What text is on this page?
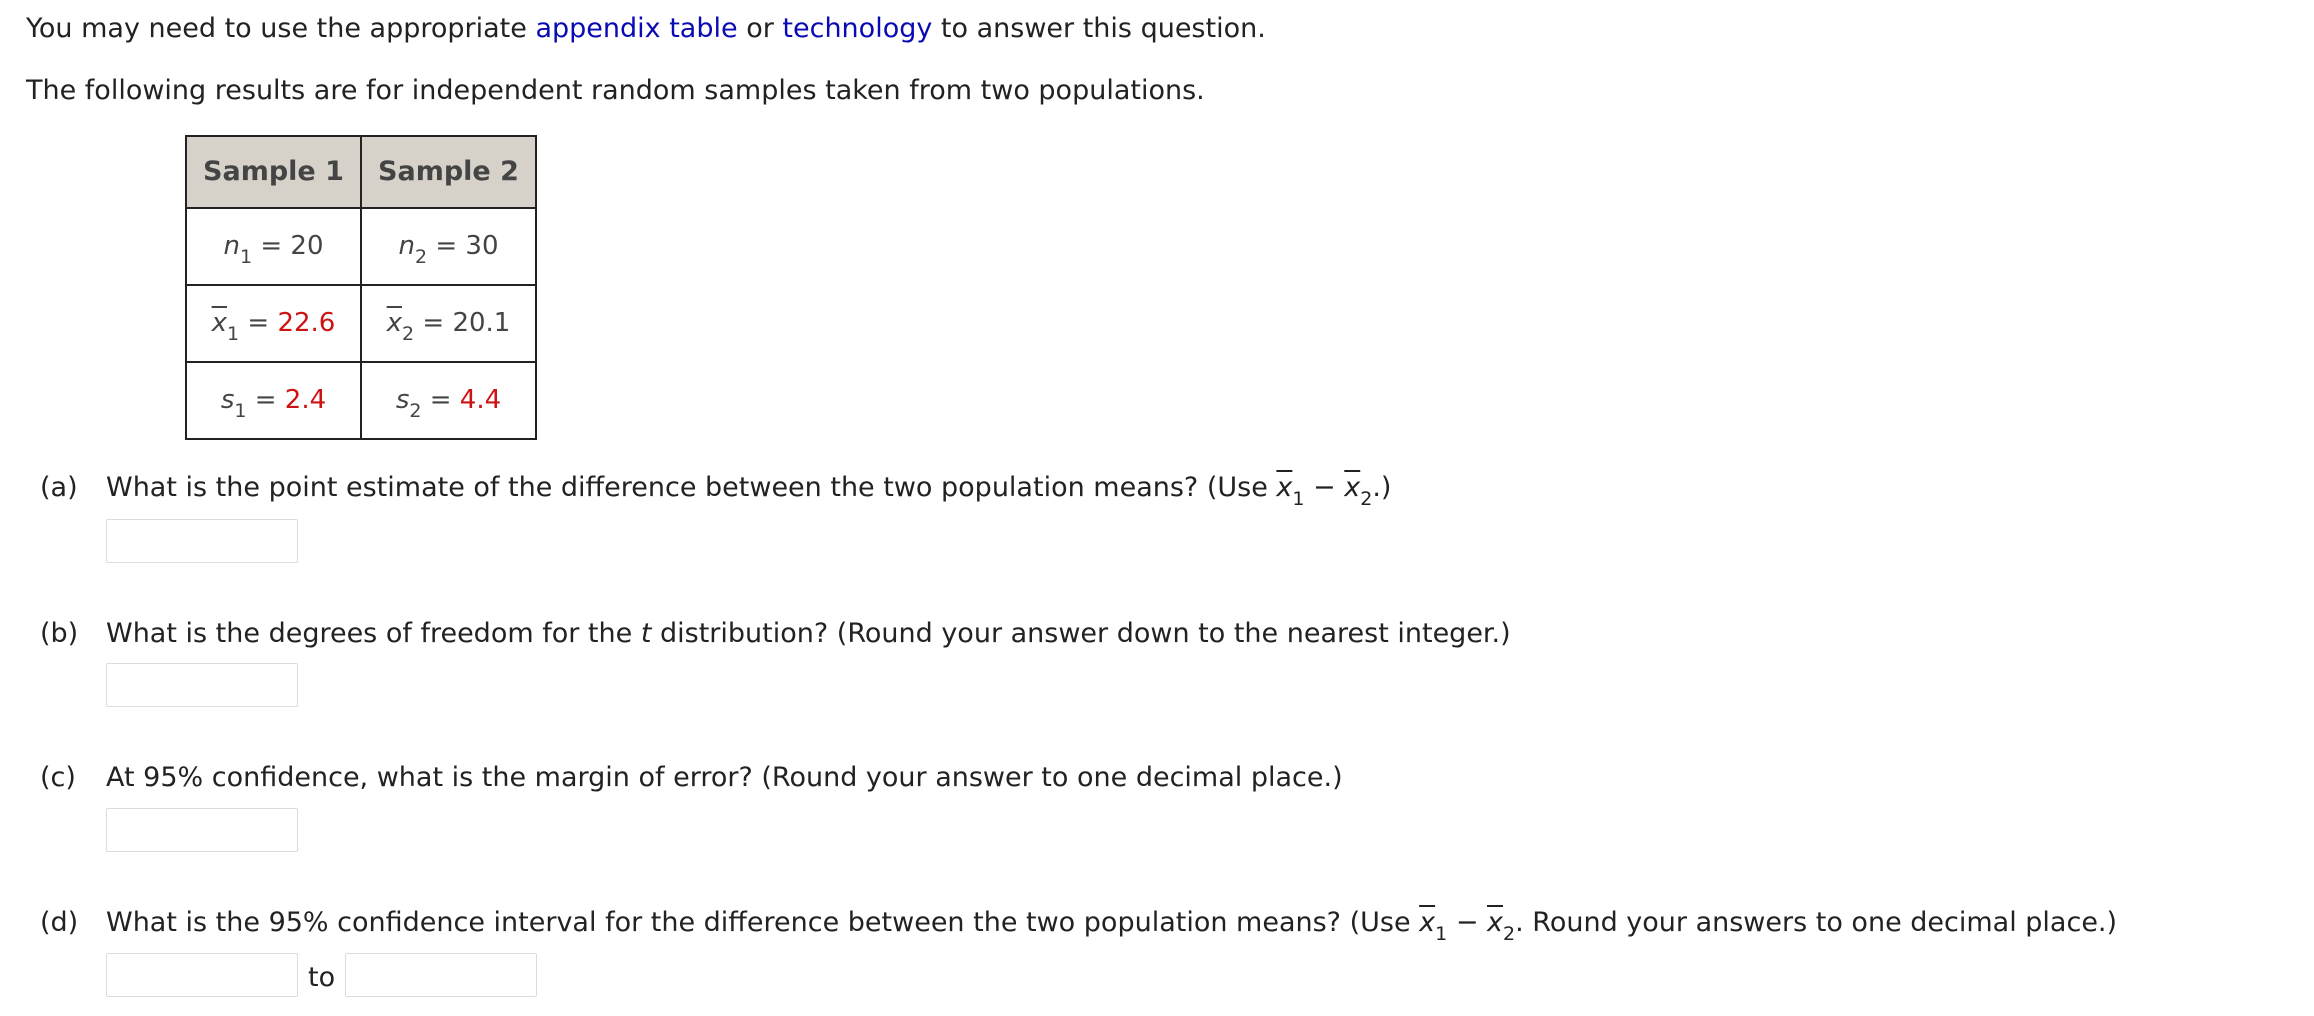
You may need to use the appropriate appendix table or technology to answer this question.
The following results are for independent random samples taken from two populations.
Sample 1	Sample 2
$n_1 = 20$	$n_2 = 30$
$\overline{x}_1 = 22.6$	$\overline{x}_2 = 20.1$
$s_1 = 2.4$	$s_2 = 4.4$
(a) What is the point estimate of the difference between the two population means? (Use $\overline{x}_1 - \overline{x}_2$.)
(b) What is the degrees of freedom for the t distribution? (Round your answer down to the nearest integer.)
(c) At 95% confidence, what is the margin of error? (Round your answer to one decimal place.)
(d) What is the 95% confidence interval for the difference between the two population means? (Use $\overline{x}_1 - \overline{x}_2$. Round your answers to one decimal place.)
to
